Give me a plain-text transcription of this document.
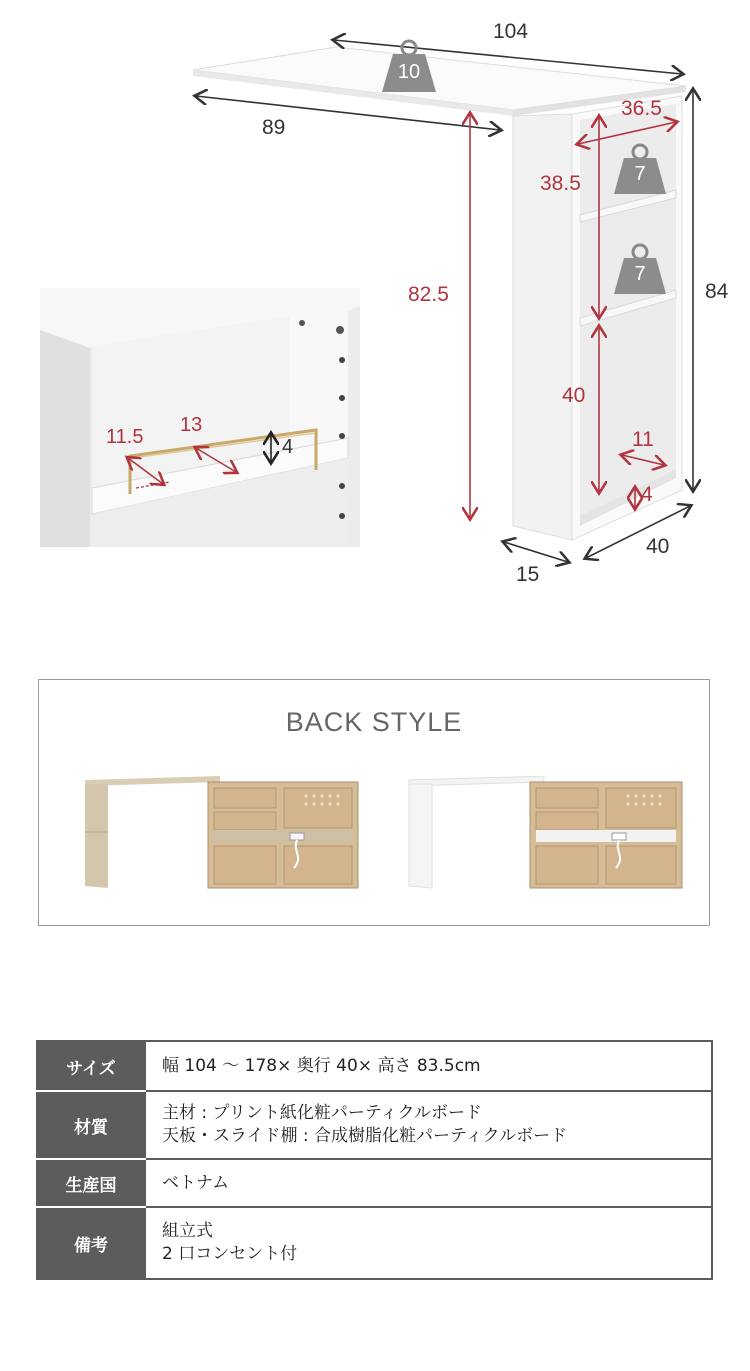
10
7
7
104
89
84
15
40
82.5
36.5
38.5
40
11
4
11.5
13
4
BACK STYLE
サイズ	幅 104 〜 178× 奥行 40× 高さ 83.5cm

材質	主材 : プリント紙化粧パーティクルボード
天板・スライド棚 : 合成樹脂化粧パーティクルボード

生産国	ベトナム

備考	組立式
2 口コンセント付
